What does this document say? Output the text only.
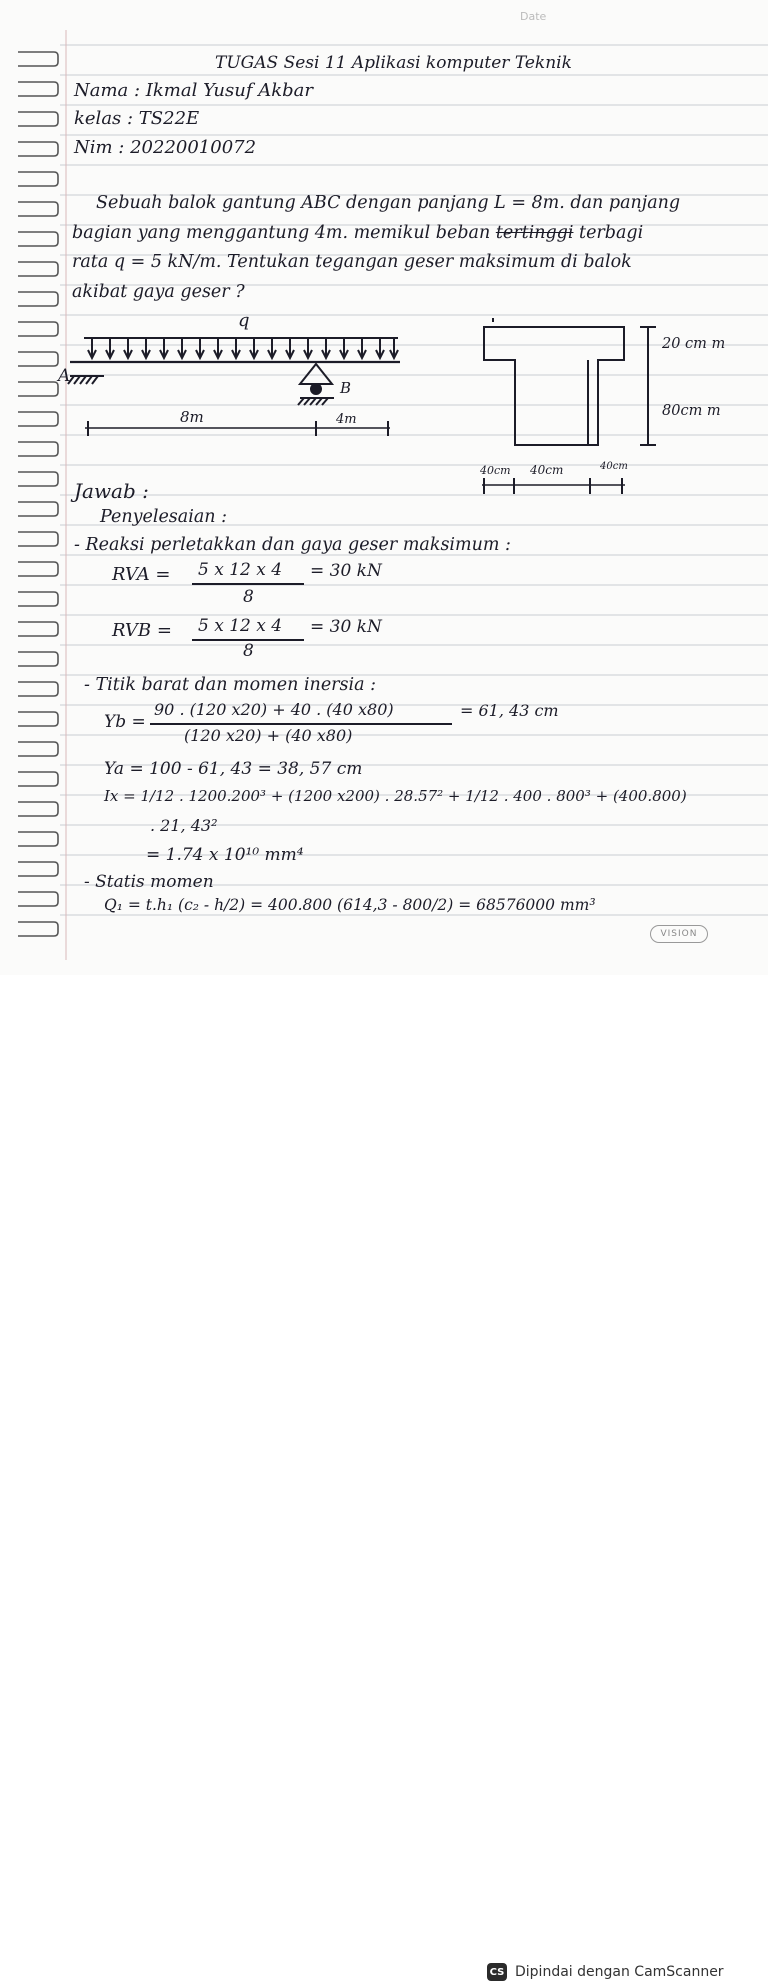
Date
TUGAS Sesi 11 Aplikasi komputer Teknik
Nama : Ikmal Yusuf Akbar
kelas : TS22E
Nim : 20220010072
Sebuah balok gantung ABC dengan panjang L = 8m. dan panjang
bagian yang menggantung 4m. memikul beban tertinggi terbagi
rata q = 5 kN/m. Tentukan tegangan geser maksimum di balok
akibat gaya geser ?
q
A
B
8m	4m
20 cm m
80cm m
40cm 40cm	40cm
Jawab :
Penyelesaian :
- Reaksi perletakkan dan gaya geser maksimum :
RVA = 5 x 12 x 4
8
= 30 kN
RVB = 5 x 12 x 4
8
= 30 kN
- Titik barat dan momen inersia :
Yb =
90 . (120 x20) + 40 . (40 x80)
(120 x20) + (40 x80)
= 61, 43 cm
Ya = 100 - 61, 43 = 38, 57 cm
Ix = 1/12 . 1200.200³ + (1200 x200) . 28.57² + 1/12 . 400 . 800³ + (400.800)
. 21, 43²
= 1.74 x 10¹⁰ mm⁴
- Statis momen
Q₁ = t.h₁ (c₂ - h/2) = 400.800 (614,3 - 800/2) = 68576000 mm³
VISION
CS Dipindai dengan CamScanner
